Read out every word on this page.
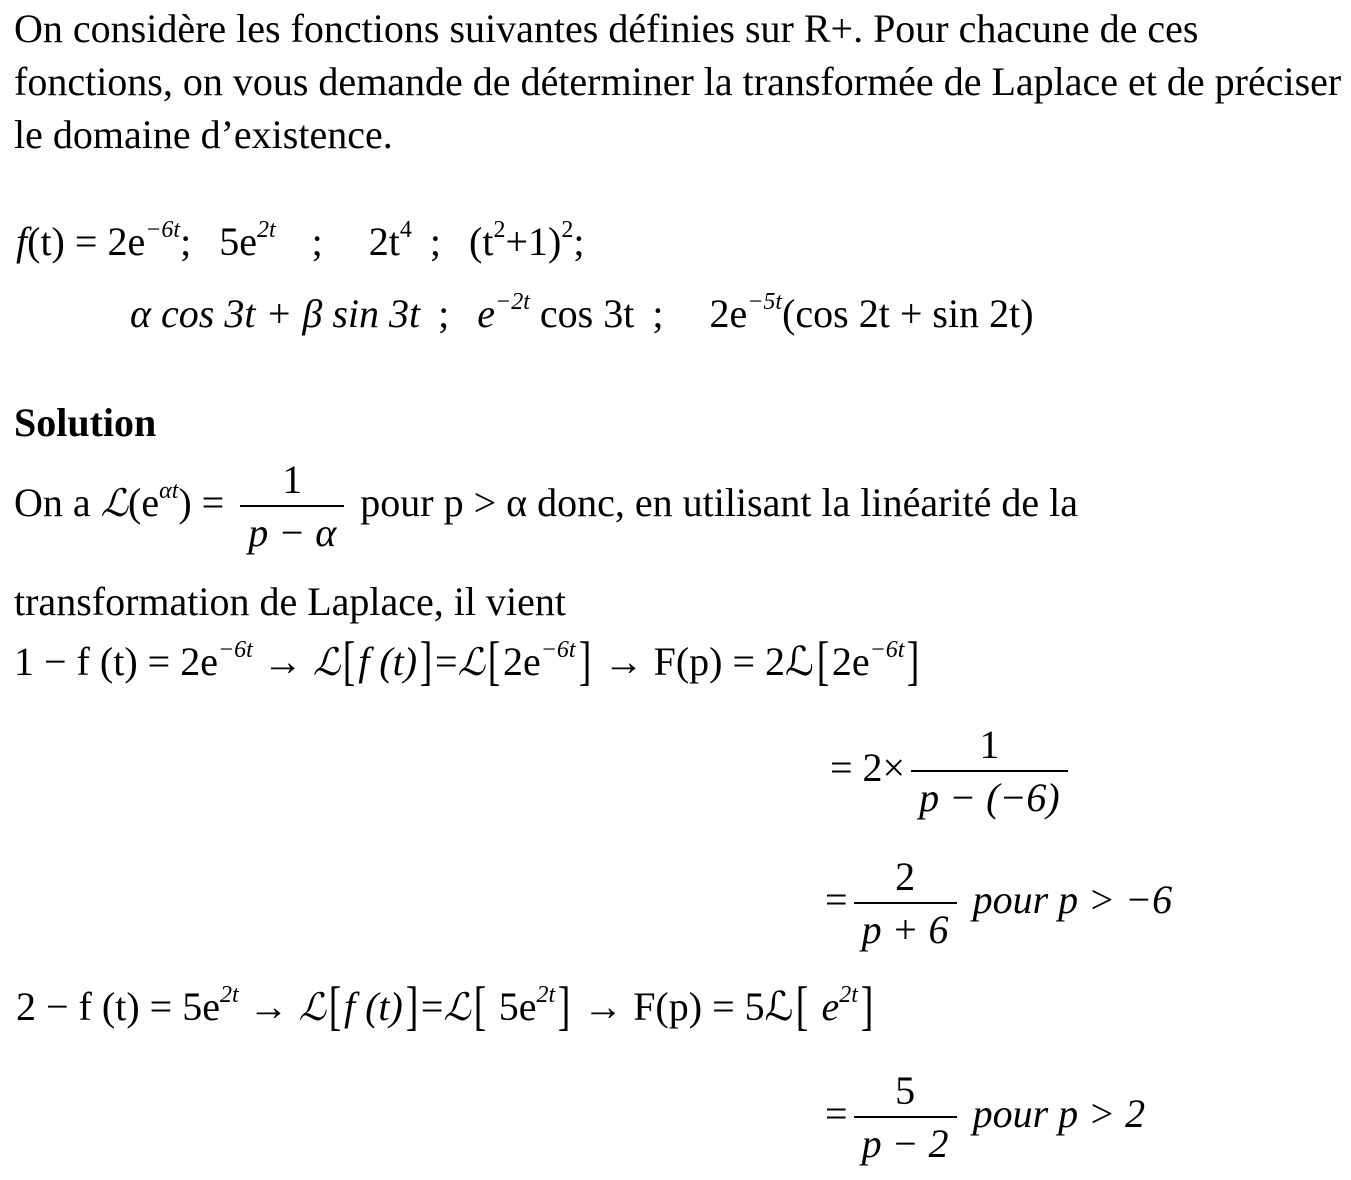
On considère les fonctions suivantes définies sur R+. Pour chacune de ces fonctions, on vous demande de déterminer la transformée de Laplace et de préciser le domaine d’existence.

$f(t) = 2e^{-6t}$; $5e^{2t}$ ; $2t^4$ ; $(t^2+1)^2$;
α cos 3t + β sin 3t ; $e^{-2t}$ cos 3t ; $2e^{-5t}(\cos$ 2t + sin 2t)
Solution
On a $ℒ(e^{\alpha t}) = \frac{1}{p - \alpha}$ pour p > α donc, en utilisant la linéarité de la
transformation de Laplace, il vient
1 − f $(t) = 2e^{-6t}$ → ℒ[f $(t)]=ℒ[2e^{-6t}] \to F(p)$ = $2ℒ[2e^{-6t}]$
= $2\times \frac{1}{p - (-6)}$
= $\frac{2}{p + 6}$ pour p > −6
2 − f $(t) = 5e^{2t}$ → ℒ[f (t)]=ℒ[ $5e^{2t}] \to F(p)$ = 5ℒ[ $e^{2t}$]
= $\frac{5}{p - 2}$ pour p > 2
